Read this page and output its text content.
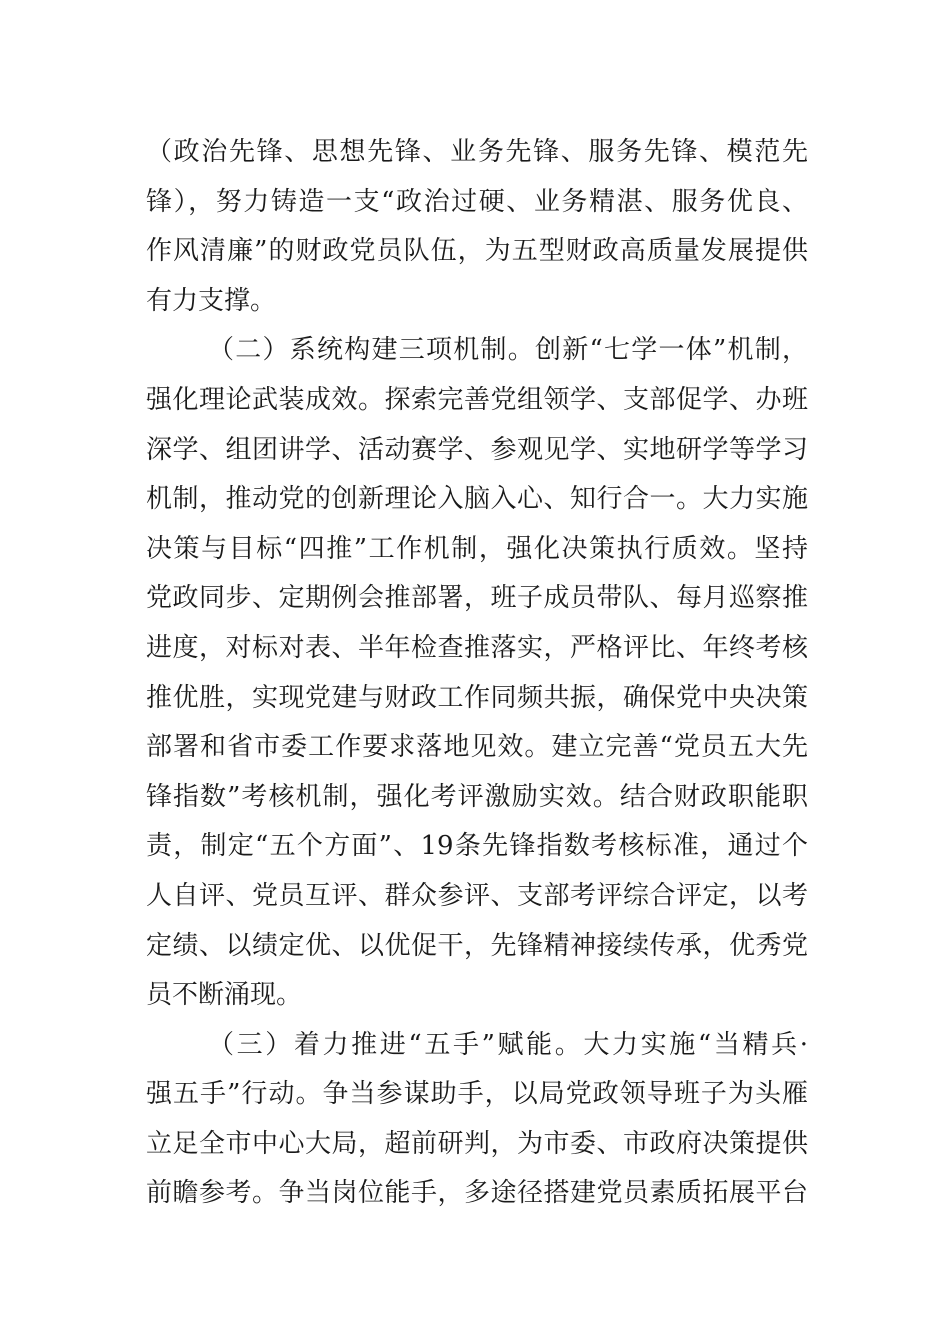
（政治先锋、思想先锋、业务先锋、服务先锋、模范先
锋），努力铸造一支“政治过硬、业务精湛、服务优良、
作风清廉”的财政党员队伍，为五型财政高质量发展提供
有力支撑。
（二）系统构建三项机制。创新“七学一体”机制，
强化理论武装成效。探索完善党组领学、支部促学、办班
深学、组团讲学、活动赛学、参观见学、实地研学等学习
机制，推动党的创新理论入脑入心、知行合一。大力实施
决策与目标“四推”工作机制，强化决策执行质效。坚持
党政同步、定期例会推部署，班子成员带队、每月巡察推
进度，对标对表、半年检查推落实，严格评比、年终考核
推优胜，实现党建与财政工作同频共振，确保党中央决策
部署和省市委工作要求落地见效。建立完善“党员五大先
锋指数”考核机制，强化考评激励实效。结合财政职能职
责，制定“五个方面”、19条先锋指数考核标准，通过个
人自评、党员互评、群众参评、支部考评综合评定，以考
定绩、以绩定优、以优促干，先锋精神接续传承，优秀党
员不断涌现。
（三）着力推进“五手”赋能。大力实施“当精兵·
强五手”行动。争当参谋助手，以局党政领导班子为头雁
立足全市中心大局，超前研判，为市委、市政府决策提供
前瞻参考。争当岗位能手，多途径搭建党员素质拓展平台
